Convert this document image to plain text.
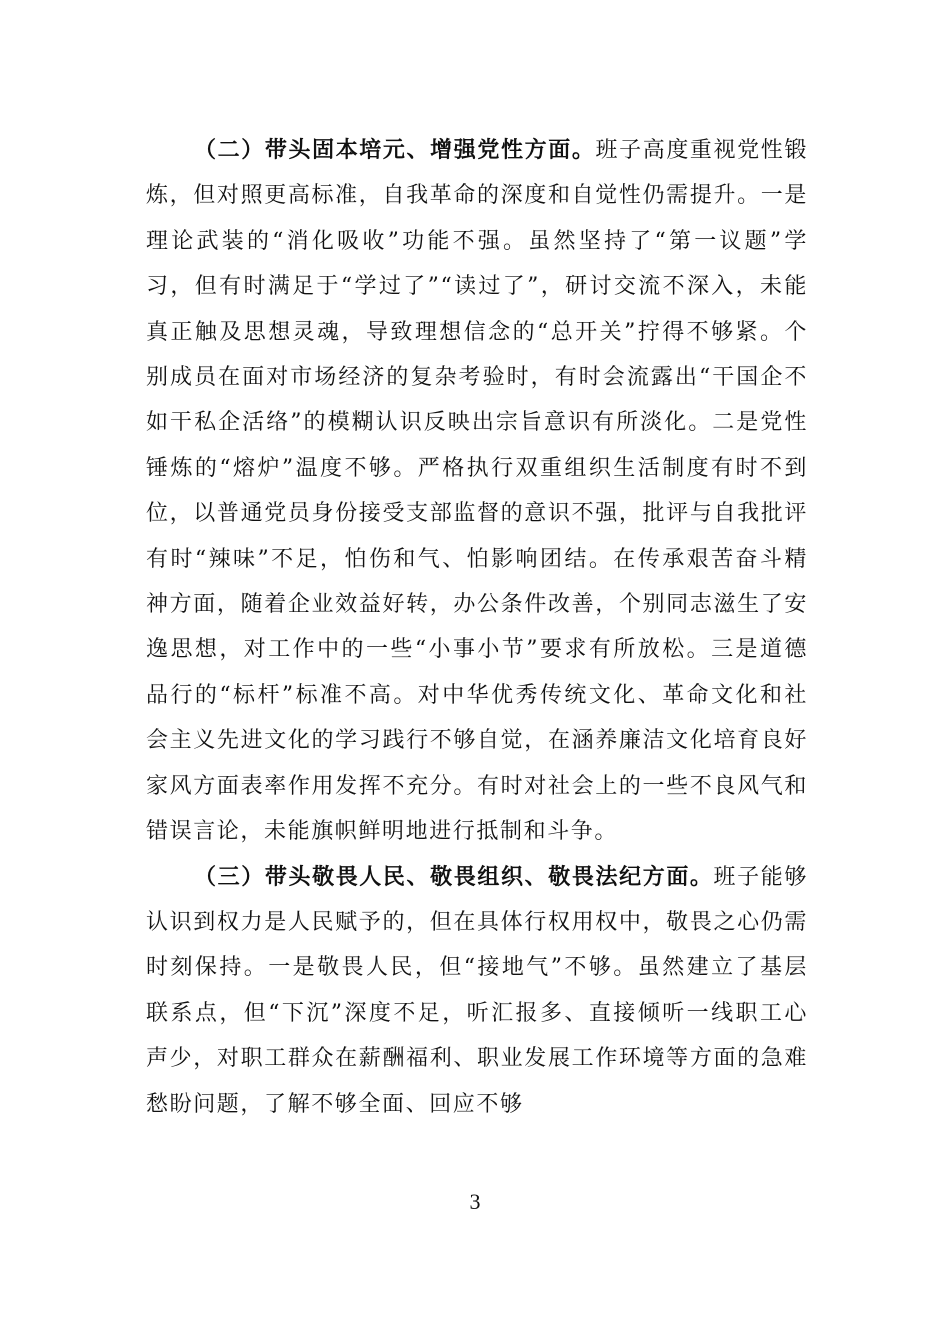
（二）带头固本培元、增强党性方面。班子高度重视党性锻炼，但对照更高标准，自我革命的深度和自觉性仍需提升。一是理论武装的“消化吸收”功能不强。虽然坚持了“第一议题”学习，但有时满足于“学过了”“读过了”，研讨交流不深入，未能真正触及思想灵魂，导致理想信念的“总开关”拧得不够紧。个别成员在面对市场经济的复杂考验时，有时会流露出“干国企不如干私企活络”的模糊认识反映出宗旨意识有所淡化。二是党性锤炼的“熔炉”温度不够。严格执行双重组织生活制度有时不到位，以普通党员身份接受支部监督的意识不强，批评与自我批评有时“辣味”不足，怕伤和气、怕影响团结。在传承艰苦奋斗精神方面，随着企业效益好转，办公条件改善，个别同志滋生了安逸思想，对工作中的一些“小事小节”要求有所放松。三是道德品行的“标杆”标准不高。对中华优秀传统文化、革命文化和社会主义先进文化的学习践行不够自觉，在涵养廉洁文化培育良好家风方面表率作用发挥不充分。有时对社会上的一些不良风气和错误言论，未能旗帜鲜明地进行抵制和斗争。

（三）带头敬畏人民、敬畏组织、敬畏法纪方面。班子能够认识到权力是人民赋予的，但在具体行权用权中，敬畏之心仍需时刻保持。一是敬畏人民，但“接地气”不够。虽然建立了基层联系点，但“下沉”深度不足，听汇报多、直接倾听一线职工心声少，对职工群众在薪酬福利、职业发展工作环境等方面的急难愁盼问题，了解不够全面、回应不够

3
